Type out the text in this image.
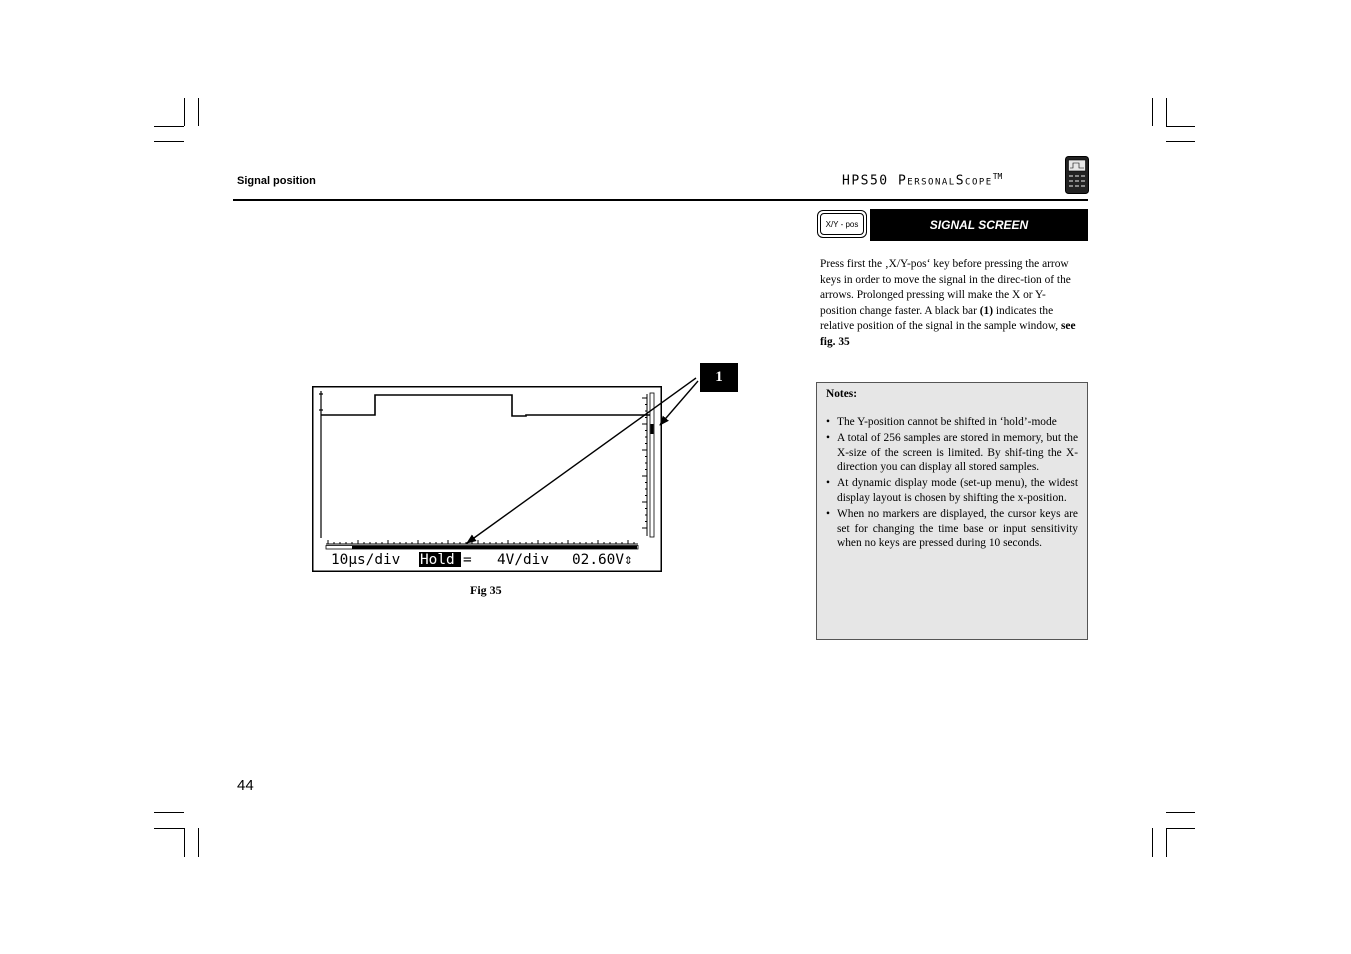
Signal position	HPS50 PersonalScope™
X/Y - pos	SIGNAL SCREEN

Press first the ‚X/Y-pos‘ key before pressing the arrow keys in order to move the signal in the direc-tion of the arrows. Prolonged pressing will make the X or Y- position change faster. A black bar (1) indicates the relative position of the signal in the sample window, see fig. 35

Notes:

• The Y-position cannot be shifted in ‘hold’-mode
• A total of 256 samples are stored in memory, but the X-size of the screen is limited. By shif-ting the X-direction you can display all stored samples.
• At dynamic display mode (set-up menu), the widest display layout is chosen by shifting the x-position.
• When no markers are displayed, the cursor keys are set for changing the time base or input sensitivity when no keys are pressed during 10 seconds.
10µs/div Hold = 4V/div 02.60V⇕
1
Fig 35
44
